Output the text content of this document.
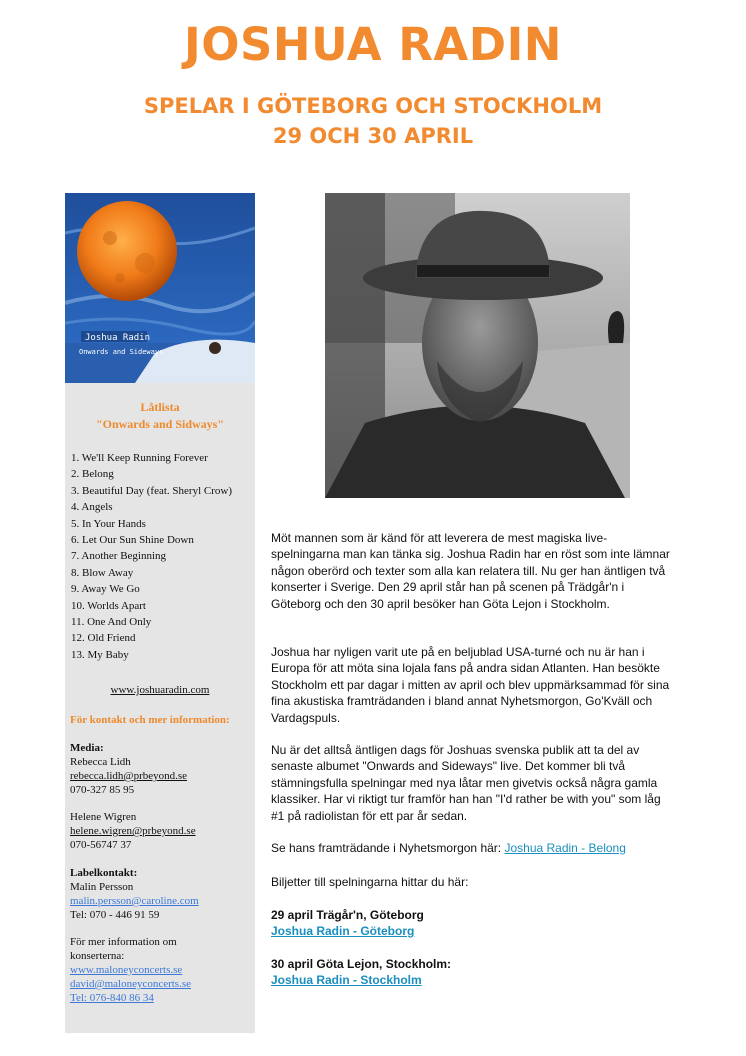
JOSHUA RADIN
SPELAR I GÖTEBORG OCH STOCKHOLM
29 OCH 30 APRIL
Joshua Radin
Onwards and Sideways
Låtlista
"Onwards and Sidways"
1. We'll Keep Running Forever
2. Belong
3. Beautiful Day (feat. Sheryl Crow)
4. Angels
5. In Your Hands
6. Let Our Sun Shine Down
7. Another Beginning
8. Blow Away
9. Away We Go
10. Worlds Apart
11. One And Only
12. Old Friend
13. My Baby
www.joshuaradin.com
För kontakt och mer information:
Media:
Rebecca Lidh
rebecca.lidh@prbeyond.se
070-327 85 95
Helene Wigren
helene.wigren@prbeyond.se
070-56747 37
Labelkontakt:
Malin Persson
malin.persson@caroline.com
Tel: 070 - 446 91 59
För mer information om
konserterna:
www.maloneyconcerts.se
david@maloneyconcerts.se
Tel: 076-840 86 34

Möt mannen som är känd för att leverera de mest magiska live-spelningarna man kan tänka sig. Joshua Radin har en röst som inte lämnar någon oberörd och texter som alla kan relatera till. Nu ger han äntligen två konserter i Sverige. Den 29 april står han på scenen på Trädgår'n i Göteborg och den 30 april besöker han Göta Lejon i Stockholm.

Joshua har nyligen varit ute på en beljublad USA-turné och nu är han i Europa för att möta sina lojala fans på andra sidan Atlanten. Han besökte Stockholm ett par dagar i mitten av april och blev uppmärksammad för sina fina akustiska framträdanden i bland annat Nyhetsmorgon, Go'Kväll och Vardagspuls.

Nu är det alltså äntligen dags för Joshuas svenska publik att ta del av senaste albumet "Onwards and Sideways" live. Det kommer bli två stämningsfulla spelningar med nya låtar men givetvis också några gamla klassiker. Har vi riktigt tur framför han han "I'd rather be with you" som låg #1 på radiolistan för ett par år sedan.

Se hans framträdande i Nyhetsmorgon här: Joshua Radin - Belong

Biljetter till spelningarna hittar du här:

29 april Trägår'n, Göteborg

Joshua Radin - Göteborg

30 april Göta Lejon, Stockholm:

Joshua Radin - Stockholm
